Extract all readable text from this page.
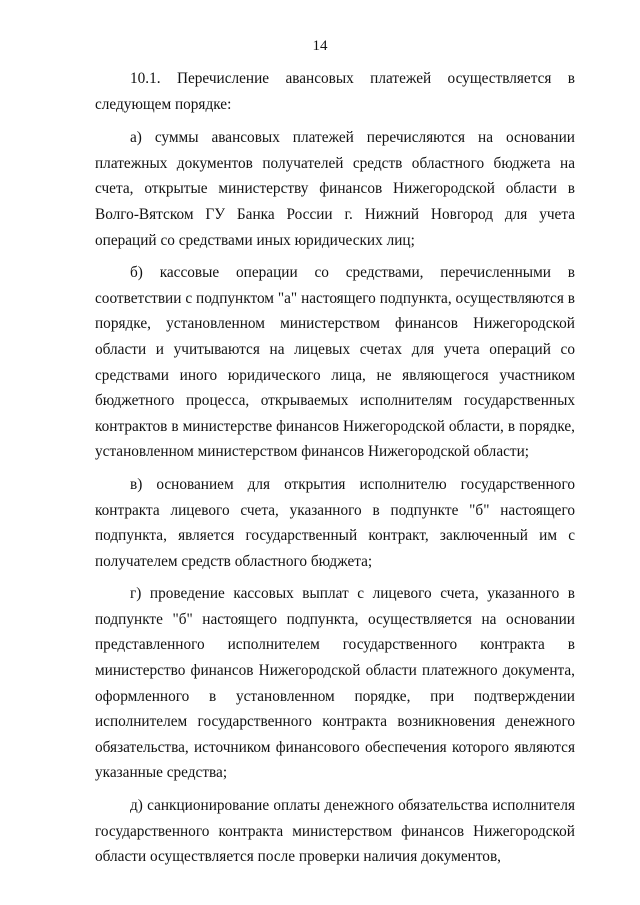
14

10.1. Перечисление авансовых платежей осуществляется в следующем порядке:

а) суммы авансовых платежей перечисляются на основании платежных документов получателей средств областного бюджета на счета, открытые министерству финансов Нижегородской области в Волго-Вятском ГУ Банка России г. Нижний Новгород для учета операций со средствами иных юридических лиц;

б) кассовые операции со средствами, перечисленными в соответствии с подпунктом "а" настоящего подпункта, осуществляются в порядке, установленном министерством финансов Нижегородской области и учитываются на лицевых счетах для учета операций со средствами иного юридического лица, не являющегося участником бюджетного процесса, открываемых исполнителям государственных контрактов в министерстве финансов Нижегородской области, в порядке, установленном министерством финансов Нижегородской области;

в) основанием для открытия исполнителю государственного контракта лицевого счета, указанного в подпункте "б" настоящего подпункта, является государственный контракт, заключенный им с получателем средств областного бюджета;

г) проведение кассовых выплат с лицевого счета, указанного в подпункте "б" настоящего подпункта, осуществляется на основании представленного исполнителем государственного контракта в министерство финансов Нижегородской области платежного документа, оформленного в установленном порядке, при подтверждении исполнителем государственного контракта возникновения денежного обязательства, источником финансового обеспечения которого являются указанные средства;

д) санкционирование оплаты денежного обязательства исполнителя государственного контракта министерством финансов Нижегородской области осуществляется после проверки наличия документов,
